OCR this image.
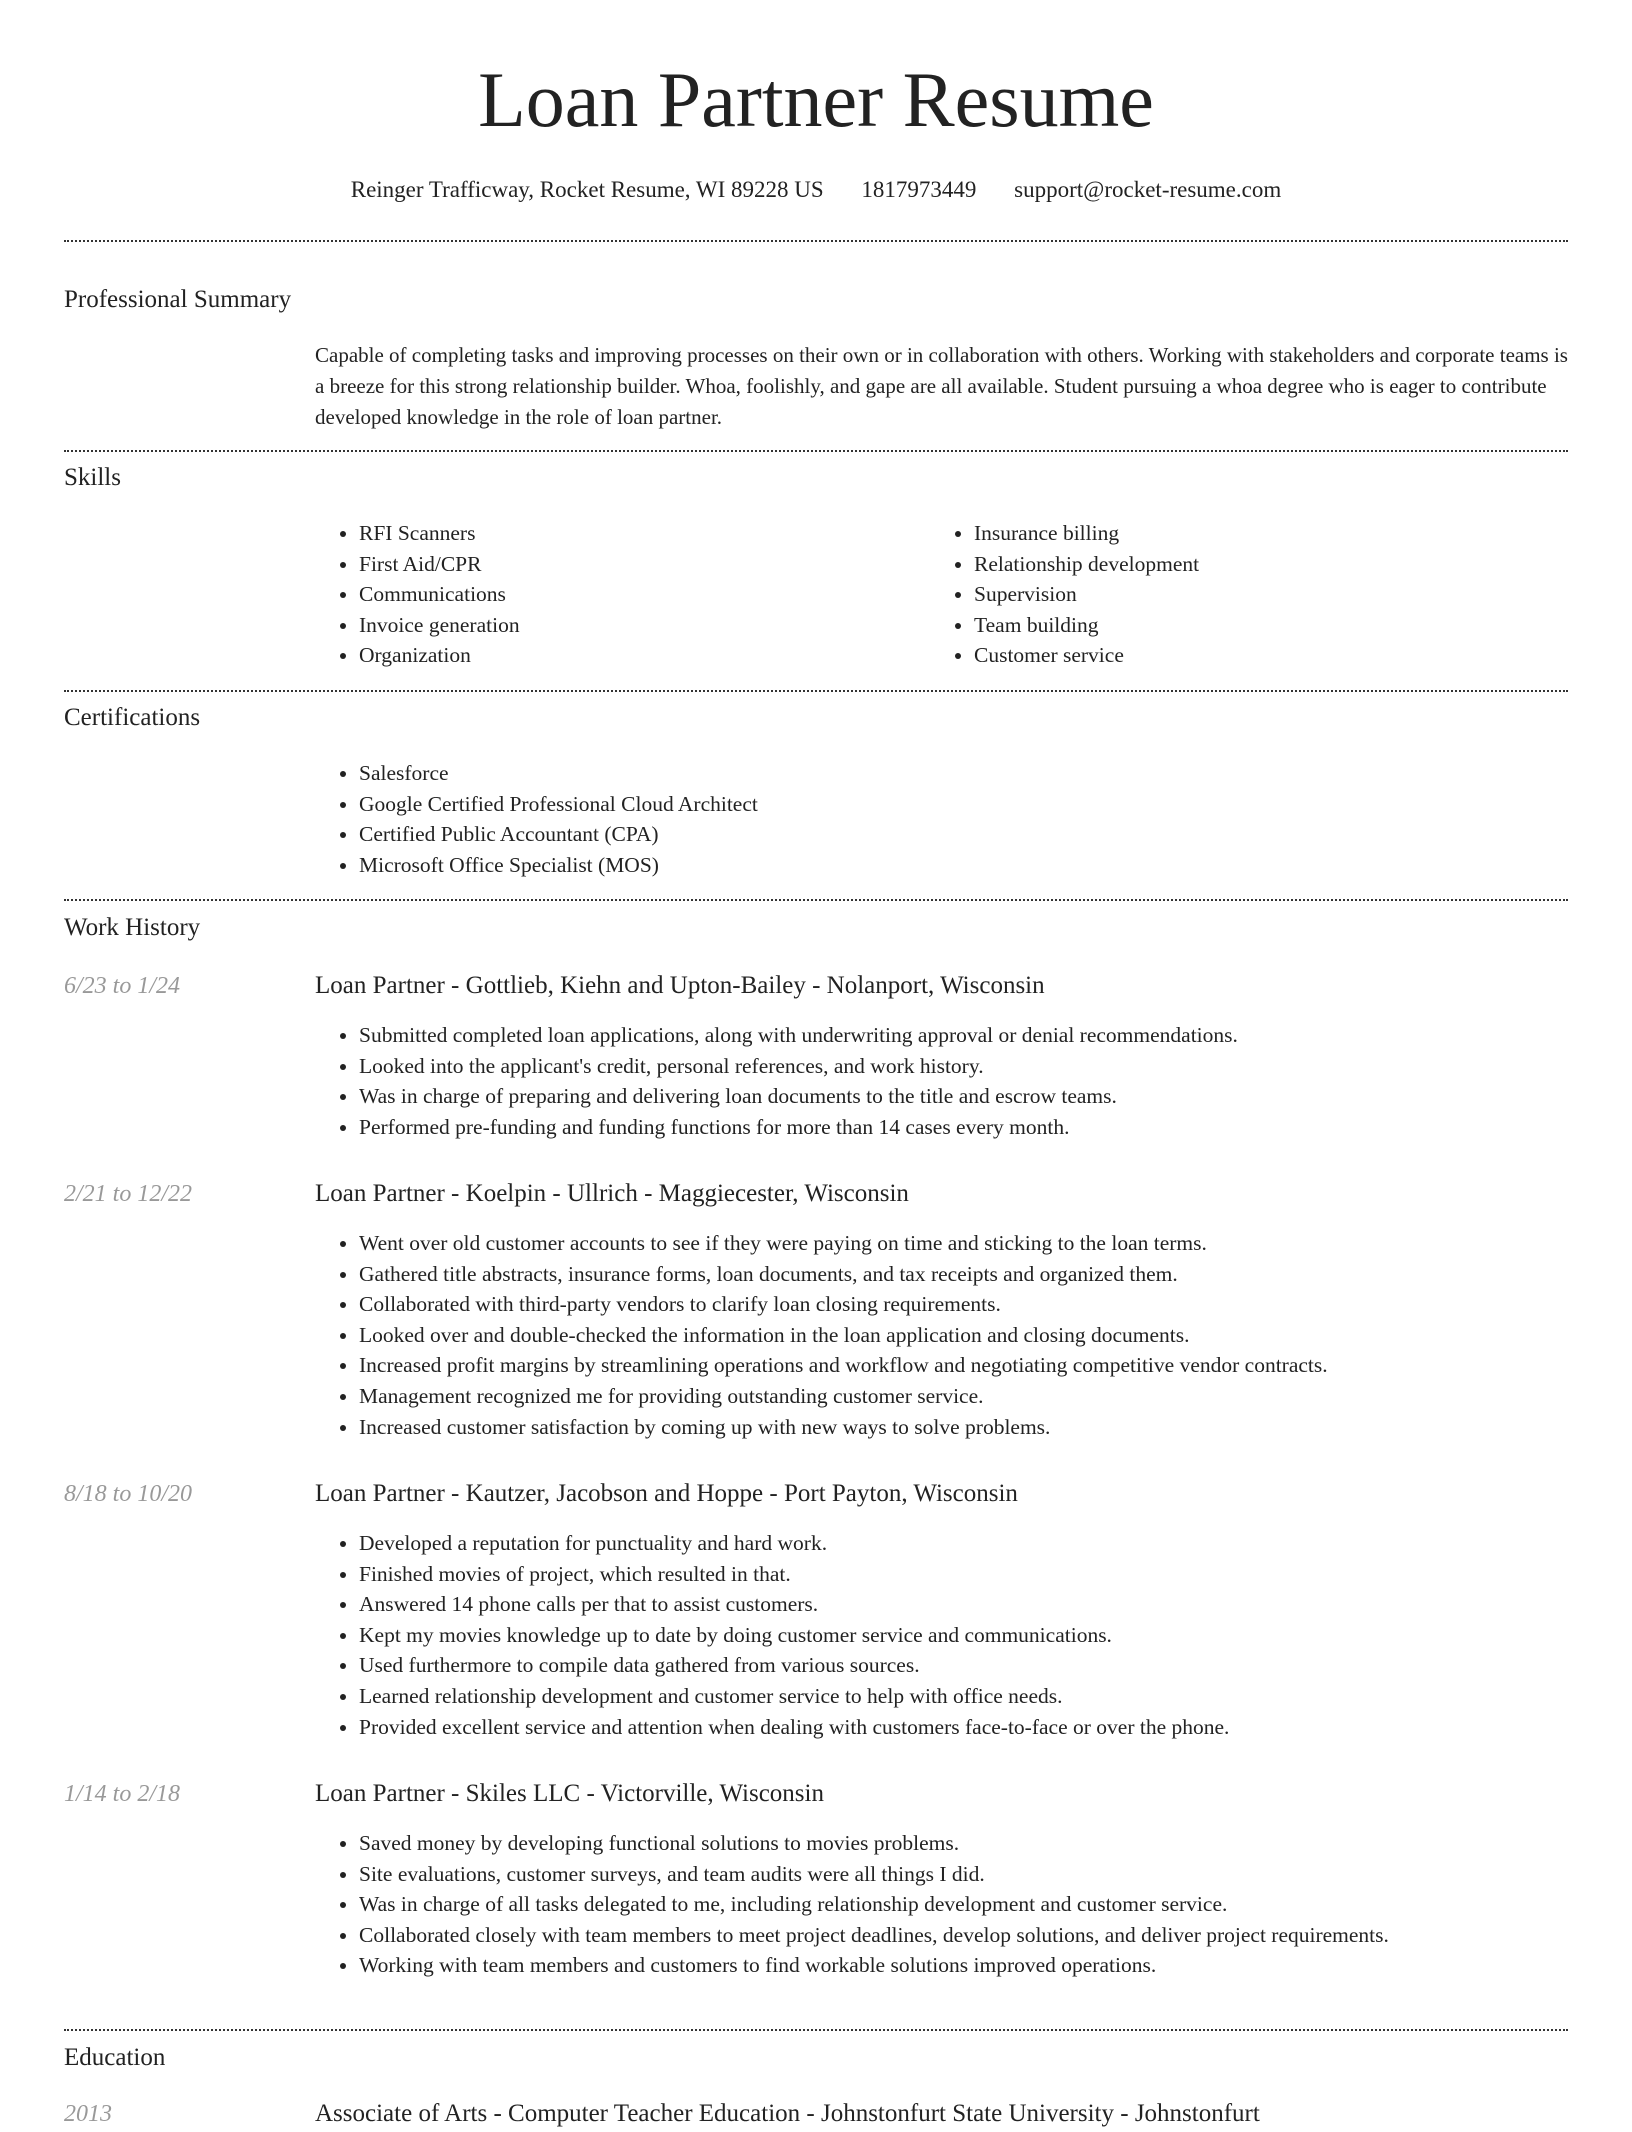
Loan Partner Resume
Reinger Trafficway, Rocket Resume, WI 89228 US 1817973449 support@rocket-resume.com
Professional Summary
Capable of completing tasks and improving processes on their own or in collaboration with others. Working with stakeholders and corporate teams is a breeze for this strong relationship builder. Whoa, foolishly, and gape are all available. Student pursuing a whoa degree who is eager to contribute developed knowledge in the role of loan partner.
Skills
• RFI Scanners
• First Aid/CPR
• Communications
• Invoice generation
• Organization
• Insurance billing
• Relationship development
• Supervision
• Team building
• Customer service
Certifications
• Salesforce
• Google Certified Professional Cloud Architect
• Certified Public Accountant (CPA)
• Microsoft Office Specialist (MOS)
Work History
6/23 to 1/24	Loan Partner - Gottlieb, Kiehn and Upton-Bailey - Nolanport, Wisconsin
• Submitted completed loan applications, along with underwriting approval or denial recommendations.
• Looked into the applicant's credit, personal references, and work history.
• Was in charge of preparing and delivering loan documents to the title and escrow teams.
• Performed pre-funding and funding functions for more than 14 cases every month.
2/21 to 12/22	Loan Partner - Koelpin - Ullrich - Maggiecester, Wisconsin
• Went over old customer accounts to see if they were paying on time and sticking to the loan terms.
• Gathered title abstracts, insurance forms, loan documents, and tax receipts and organized them.
• Collaborated with third-party vendors to clarify loan closing requirements.
• Looked over and double-checked the information in the loan application and closing documents.
• Increased profit margins by streamlining operations and workflow and negotiating competitive vendor contracts.
• Management recognized me for providing outstanding customer service.
• Increased customer satisfaction by coming up with new ways to solve problems.
8/18 to 10/20	Loan Partner - Kautzer, Jacobson and Hoppe - Port Payton, Wisconsin
• Developed a reputation for punctuality and hard work.
• Finished movies of project, which resulted in that.
• Answered 14 phone calls per that to assist customers.
• Kept my movies knowledge up to date by doing customer service and communications.
• Used furthermore to compile data gathered from various sources.
• Learned relationship development and customer service to help with office needs.
• Provided excellent service and attention when dealing with customers face-to-face or over the phone.
1/14 to 2/18	Loan Partner - Skiles LLC - Victorville, Wisconsin
• Saved money by developing functional solutions to movies problems.
• Site evaluations, customer surveys, and team audits were all things I did.
• Was in charge of all tasks delegated to me, including relationship development and customer service.
• Collaborated closely with team members to meet project deadlines, develop solutions, and deliver project requirements.
• Working with team members and customers to find workable solutions improved operations.
Education
2013	Associate of Arts - Computer Teacher Education - Johnstonfurt State University - Johnstonfurt
